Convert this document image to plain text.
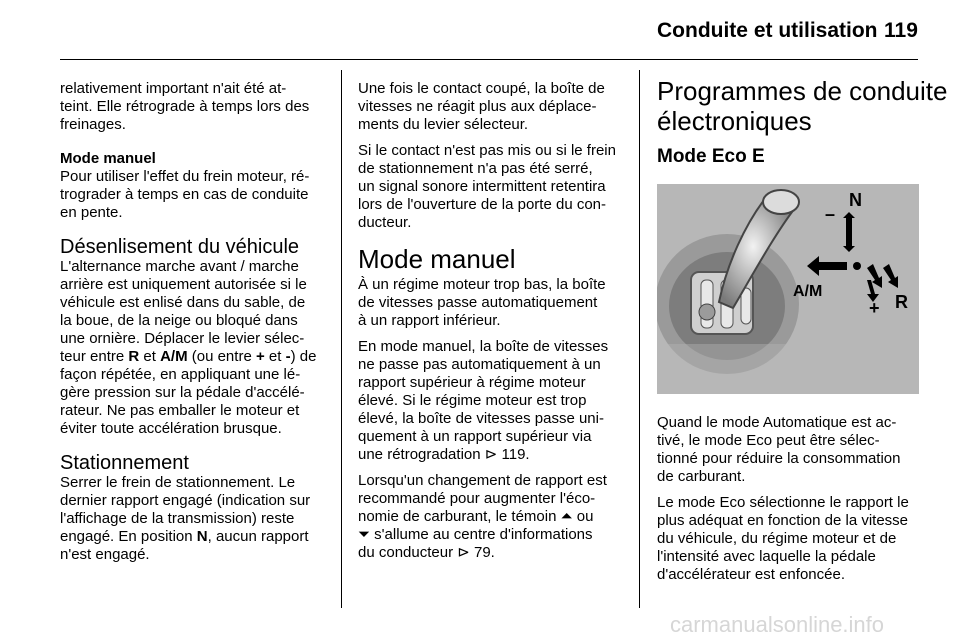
Conduite et utilisation 119

relativement important n'ait été at-
teint. Elle rétrograde à temps lors des
freinages.

Mode manuel

Pour utiliser l'effet du frein moteur, ré-
trograder à temps en cas de conduite
en pente.

Désenlisement du véhicule

L'alternance marche avant / marche
arrière est uniquement autorisée si le
véhicule est enlisé dans du sable, de
la boue, de la neige ou bloqué dans
une ornière. Déplacer le levier sélec-
teur entre R et A/M (ou entre + et -) de
façon répétée, en appliquant une lé-
gère pression sur la pédale d'accélé-
rateur. Ne pas emballer le moteur et
éviter toute accélération brusque.

Stationnement

Serrer le frein de stationnement. Le
dernier rapport engagé (indication sur
l'affichage de la transmission) reste
engagé. En position N, aucun rapport
n'est engagé.

Une fois le contact coupé, la boîte de
vitesses ne réagit plus aux déplace-
ments du levier sélecteur.

Si le contact n'est pas mis ou si le frein
de stationnement n'a pas été serré,
un signal sonore intermittent retentira
lors de l'ouverture de la porte du con-
ducteur.

Mode manuel

À un régime moteur trop bas, la boîte
de vitesses passe automatiquement
à un rapport inférieur.

En mode manuel, la boîte de vitesses
ne passe pas automatiquement à un
rapport supérieur à régime moteur
élevé. Si le régime moteur est trop
élevé, la boîte de vitesses passe uni-
quement à un rapport supérieur via
une rétrogradation ⊳ 119.

Lorsqu'un changement de rapport est
recommandé pour augmenter l'éco-
nomie de carburant, le témoin ⏶ ou
⏷ s'allume au centre d'informations
du conducteur ⊳ 79.

Programmes de conduite
électroniques
Mode Eco E
N
–
A/M
+ R

Quand le mode Automatique est ac-
tivé, le mode Eco peut être sélec-
tionné pour réduire la consommation
de carburant.

Le mode Eco sélectionne le rapport le
plus adéquat en fonction de la vitesse
du véhicule, du régime moteur et de
l'intensité avec laquelle la pédale
d'accélérateur est enfoncée.

carmanualsonline.info
